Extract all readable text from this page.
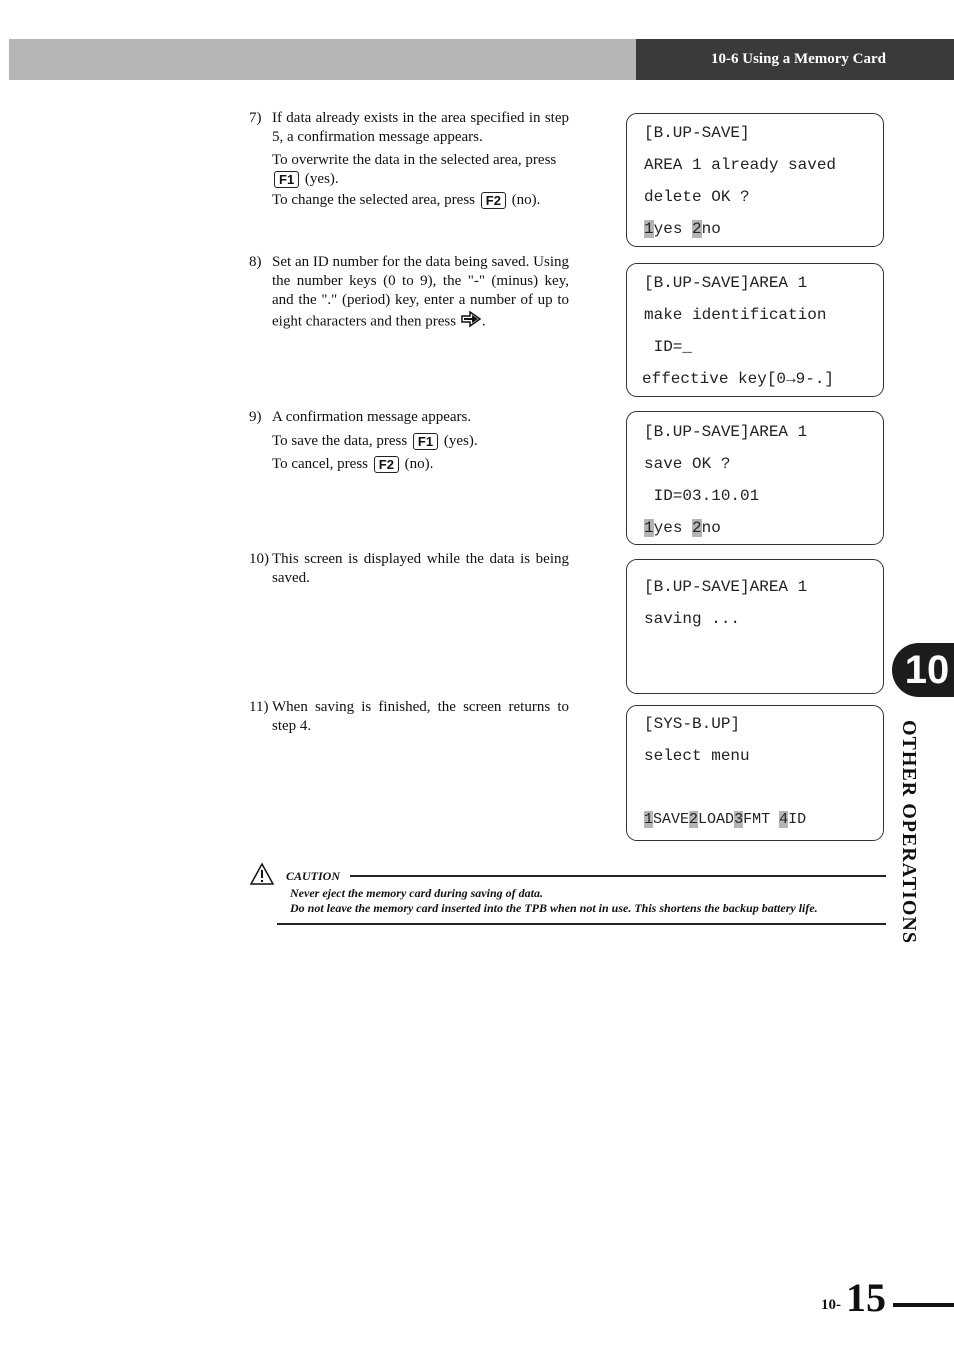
10-6 Using a Memory Card
7) If data already exists in the area specified in step 5, a confirmation message appears.
To overwrite the data in the selected area, press
F1 (yes).
To change the selected area, press F2 (no).
8) Set an ID number for the data being saved. Using the number keys (0 to 9), the "-" (minus) key, and the "." (period) key, enter a number of up to eight characters and then press .
9) A confirmation message appears.
To save the data, press F1 (yes).
To cancel, press F2 (no).
10) This screen is displayed while the data is being saved.
11) When saving is finished, the screen returns to step 4.
[B.UP-SAVE]
AREA 1 already saved
delete OK ?
1yes 2no
[B.UP-SAVE]AREA 1
make identification
ID=_
effective key[0→9-.]
[B.UP-SAVE]AREA 1
save OK ?
ID=03.10.01
1yes 2no
[B.UP-SAVE]AREA 1
saving ...
[SYS-B.UP]
select menu
1SAVE2LOAD3FMT 4ID
10
OTHER OPERATIONS
CAUTION
Never eject the memory card during saving of data.
Do not leave the memory card inserted into the TPB when not in use. This shortens the backup battery life.
10- 15
